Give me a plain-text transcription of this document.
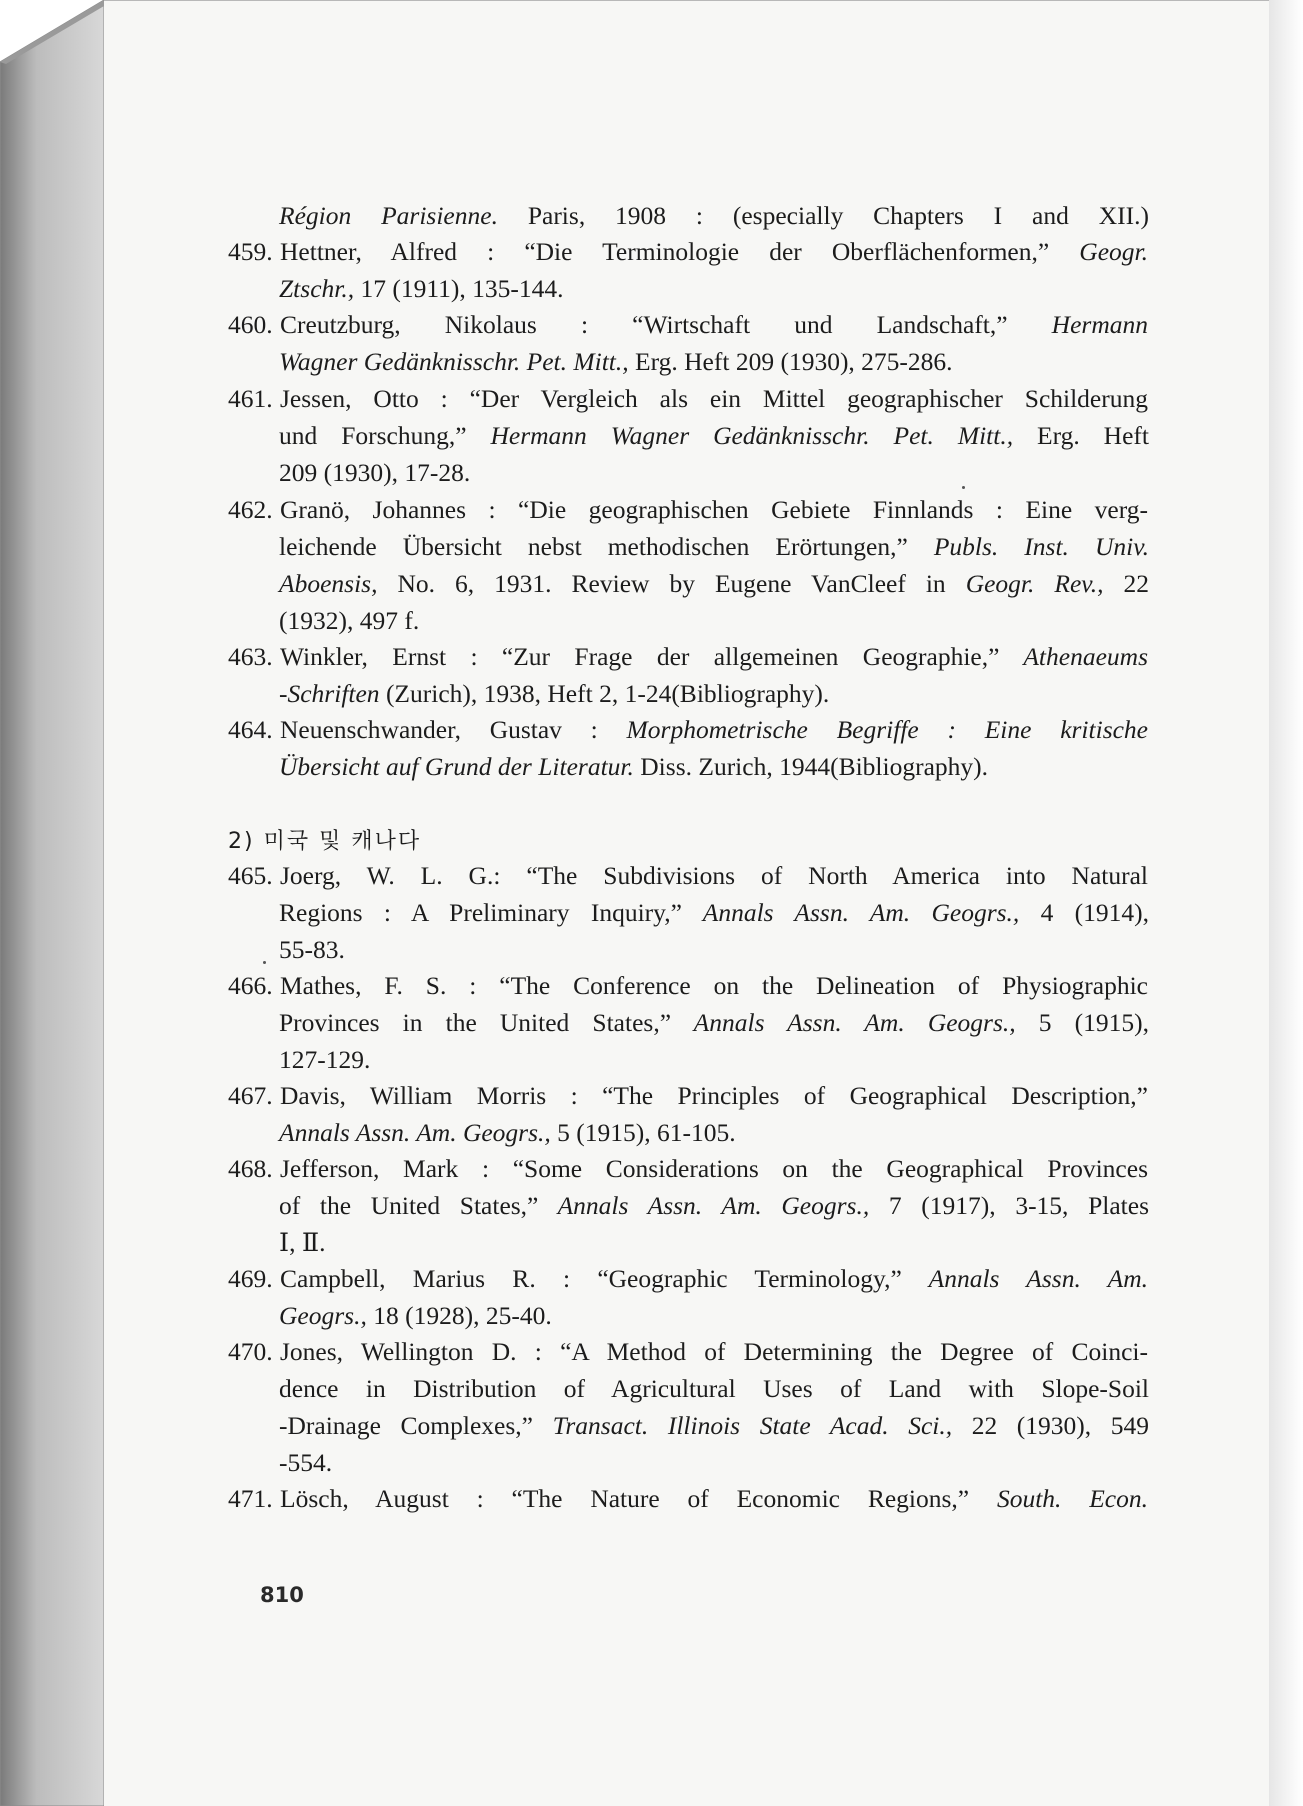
Région Parisienne. Paris, 1908 : (especially Chapters I and XII.)
459. Hettner, Alfred : “Die Terminologie der Oberflächenformen,” Geogr.
Ztschr., 17 (1911), 135-144.
460. Creutzburg, Nikolaus : “Wirtschaft und Landschaft,” Hermann
Wagner Gedänknisschr. Pet. Mitt., Erg. Heft 209 (1930), 275-286.
461. Jessen, Otto : “Der Vergleich als ein Mittel geographischer Schilderung
und Forschung,” Hermann Wagner Gedänknisschr. Pet. Mitt., Erg. Heft
209 (1930), 17-28.
462. Granö, Johannes : “Die geographischen Gebiete Finnlands : Eine verg-
leichende Übersicht nebst methodischen Erörtungen,” Publs. Inst. Univ.
Aboensis, No. 6, 1931. Review by Eugene VanCleef in Geogr. Rev., 22
(1932), 497 f.
463. Winkler, Ernst : “Zur Frage der allgemeinen Geographie,” Athenaeums
-Schriften (Zurich), 1938, Heft 2, 1-24(Bibliography).
464. Neuenschwander, Gustav : Morphometrische Begriffe : Eine kritische
Übersicht auf Grund der Literatur. Diss. Zurich, 1944(Bibliography).
2) 미국 및 캐나다
465. Joerg, W. L. G.: “The Subdivisions of North America into Natural
Regions : A Preliminary Inquiry,” Annals Assn. Am. Geogrs., 4 (1914),
55-83.
466. Mathes, F. S. : “The Conference on the Delineation of Physiographic
Provinces in the United States,” Annals Assn. Am. Geogrs., 5 (1915),
127-129.
467. Davis, William Morris : “The Principles of Geographical Description,”
Annals Assn. Am. Geogrs., 5 (1915), 61-105.
468. Jefferson, Mark : “Some Considerations on the Geographical Provinces
of the United States,” Annals Assn. Am. Geogrs., 7 (1917), 3-15, Plates
Ⅰ, Ⅱ.
469. Campbell, Marius R. : “Geographic Terminology,” Annals Assn. Am.
Geogrs., 18 (1928), 25-40.
470. Jones, Wellington D. : “A Method of Determining the Degree of Coinci-
dence in Distribution of Agricultural Uses of Land with Slope-Soil
-Drainage Complexes,” Transact. Illinois State Acad. Sci., 22 (1930), 549
-554.
471. Lösch, August : “The Nature of Economic Regions,” South. Econ.
810
